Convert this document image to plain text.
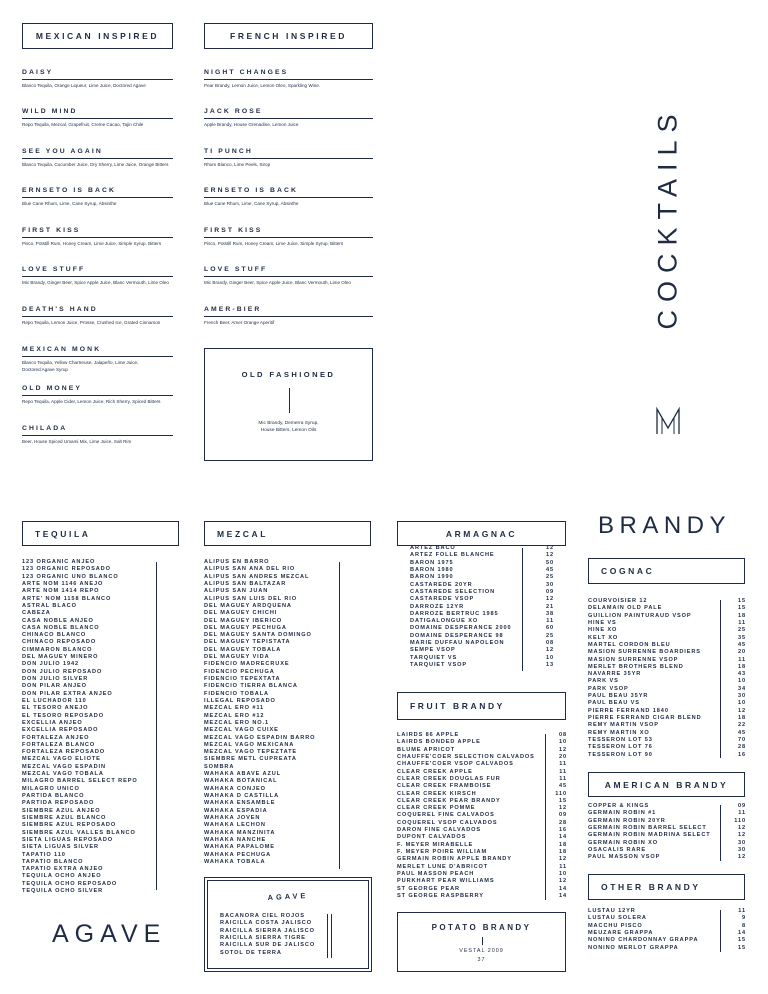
MEXICAN INSPIRED	FRENCH INSPIRED
DAISY
Blanco Tequila, Orange Liqueur, Lime Juice, Doctored Agave
WILD MIND
Repo Tequila, Mezcal, Grapefruit, Creme Cacao, Tajin Chile
SEE YOU AGAIN
Blanco Tequila, Cucumber Juice, Dry Sherry, Lime Juice, Orange Bitters
ERNSETO IS BACK
Blue Cane Rhum, Lime, Cane Syrup, Absinthe
FIRST KISS
Pisco, Potstill Rum, Honey Cream, Lime Juice, Simple Syrup, Bitters
LOVE STUFF
Mic Brandy, Ginger Beer, Spice Apple Juice, Blanc Vermouth, Lime Oleo
DEATH'S HAND
Repo Tequila, Lemon Juice, Prosse, Crushed Ice, Grated Cinnamon
MEXICAN MONK
Blanco Tequila, Yellow Chartreuse, Jalapeño, Lime Juice,
Doctored Agave Syrup
OLD MONEY
Repo Tequila, Apple Cider, Lemon Juice, Rich Sherry, Spiced Bitters
CHILADA
Beer, House Spiced Umami Mix, Lime Juice, Salt Rim
NIGHT CHANGES
Pear Brandy, Lemon Juice, Lemon Oleo, Sparkling Wine.
JACK ROSE
Apple Brandy, House Grenadine, Lemon Juice
TI PUNCH
Rhum Blanco, Lime Peels, Sirop
ERNSETO IS BACK
Blue Cane Rhum, Lime, Cane Syrup, Absinthe
FIRST KISS
Pisco, Potstill Rum, Honey Cream, Lime Juice, Simple Syrup, Bitters
LOVE STUFF
Mic Brandy, Ginger Beer, Spice Apple Juice, Blanc Vermouth, Lime Oleo
AMER-BIER
French Beer, Amer Orange Aperitif
OLD FASHIONED
Mic Brandy, Demerra Syrup,
House Bitters, Lemon Oils
COCKTAILS
TEQUILA
123 ORGANIC ANJEO
123 ORGANIC REPOSADO
123 ORGANIC UNO BLANCO
ARTE NOM 1146 ANEJO
ARTE NOM 1414 REPO
ARTE' NOM 1158 BLANCO
ASTRAL BLACO
CABEZA
CASA NOBLE ANJEO
CASA NOBLE BLANCO
CHINACO BLANCO
CHINACO REPOSADO
CIMMARON BLANCO
DEL MAGUEY MINERO
DON JULIO 1942
DON JULIO REPOSADO
DON JULIO SILVER
DON PILAR ANJEO
DON PILAR EXTRA ANJEO
EL LUCHADOR 110
EL TESORO ANEJO
EL TESORO REPOSADO
EXCELLIA ANJEO
EXCELLIA REPOSADO
FORTALEZA ANJEO
FORTALEZA BLANCO
FORTALEZA REPOSADO
MEZCAL VAGO ELIOTE
MEZCAL VAGO ESPADIN
MEZCAL VAGO TOBALA
MILAGRO BARREL SELECT REPO
MILAGRO UNICO
PARTIDA BLANCO
PARTIDA REPOSADO
SIEMBRE AZUL ANJEO
SIEMBRE AZUL BLANCO
SIEMBRE AZUL REPOSADO
SIEMBRE AZUL VALLES BLANCO
SIETA LIGUAS REPOSADO
SIETA LIGUAS SILVER
TAPATIO 110
TAPATIO BLANCO
TAPATIO EXTRA ANJEO
TEQUILA OCHO ANJEO
TEQUILA OCHO REPOSADO
TEQUILA OCHO SILVER
AGAVE
MEZCAL
ALIPUS EN BARRO
ALIPUS SAN ANA DEL RIO
ALIPUS SAN ANDRES MEZCAL
ALIPUS SAN BALTAZAR
ALIPUS SAN JUAN
ALIPUS SAN LUIS DEL RIO
DEL MAGUEY ARDQUENA
DEL MAGUEY CHICHI
DEL MAGUEY IBERICO
DEL MAGUEY PECHUGA
DEL MAGUEY SANTA DOMINGO
DEL MAGUEY TEPISTATA
DEL MAGUEY TOBALA
DEL MAGUEY VIDA
FIDENCIO MADRECRUXE
FIDENCIO PECHUGA
FIDENCIO TEPEXTATA
FIDENCIO TIERRA BLANCA
FIDENCIO TOBALA
ILLEGAL REPOSADO
MEZCAL ERO #11
MEZCAL ERO #12
MEZCAL ERO NO.1
MEZCAL VAGO CUIXE
MEZCAL VAGO ESPADIN BARRO
MEZCAL VAGO MEXICANA
MEZCAL VAGO TEPEZTATE
SIEMBRE METL CUPREATA
SOMBRA
WAHAKA ABAVE AZUL
WAHAKA BOTANICAL
WAHAKA CONJEO
WAHAKA D CASTILLA
WAHAKA ENSAMBLE
WAHAKA ESPADIA
WAHAKA JOVEN
WAHAKA LECHON
WAHAKA MANZINITA
WAHAKA NANCHE
WAHAKA PAPALOME
WAHAKA PECHUGA
WAHAKA TOBALA
AGAVE
BACANORA CIEL ROJOS
RAICILLA COSTA JALISCO
RAICILLA SIERRA JALISCO
RAICILLA SIERRA TIGRE
RAICILLA SUR DE JALISCO
SOTOL DE TERRA
ARMAGNAC
ARTEZ BACO	12
ARTEZ FOLLE BLANCHE	12
BARON 1975	50
BARON 1980	45
BARON 1990	25
CASTAREDE 20YR	30
CASTAREDE SELECTION	09
CASTAREDE VSOP	12
DARROZE 12YR	21
DARROZE BERTRUC 1985	38
DATIGALONGUE XO	11
DOMAINE DESPERANCE 2000	60
DOMAINE DESPERANCE 98	25
MARIE DUFFAU NAPOLEON	08
SEMPE VSOP	12
TARQUIET VS	10
TARQUIET VSOP	13
FRUIT BRANDY
LAIRDS 86 APPLE	08
LAIRDS BONDED APPLE	10
BLUME APRICOT	12
CHAUFFE'COER SELECTION CALVADOS	20
CHAUFFE'COER VSOP CALVADOS	11
CLEAR CREEK APPLE	11
CLEAR CREEK DOUGLAS FUR	11
CLEAR CREEK FRAMBOISE	45
CLEAR CREEK KIRSCH	110
CLEAR CREEK PEAR BRANDY	15
CLEAR CREEK POMME	12
COQUEREL FINE CALVADOS	09
COQUEREL VSOP CALVADOS	28
DARON FINE CALVADOS	16
DUPONT CALVADOS	14
F. MEYER MIRABELLE	18
F. MEYER POIRE WILLIAM	18
GERMAIN ROBIN APPLE BRANDY	12
MERLET LUNE D'ABRICOT	11
PAUL MASSON PEACH	10
PURKHART PEAR WILLIAMS	12
ST GEORGE PEAR	14
ST GEORGE RASPBERRY	14
POTATO BRANDY
VESTAL 2009
37
BRANDY
COGNAC
COURVOISIER 12	15
DELAMAIN OLD PALE	15
GUILLION PAINTURAUD VSOP	18
HINE VS	11
HINE XO	25
KELT XO	35
MARTEL CORDON BLEU	45
MASION SURRENNE BOARDIERS	20
MASION SURRENNE VSOP	11
MERLET BROTHERS BLEND	18
NAVARRE 35YR	43
PARK VS	10
PARK VSOP	34
PAUL BEAU 35YR	30
PAUL BEAU VS	10
PIERRE FERRAND 1840	12
PIERRE FERRAND CIGAR BLEND	18
REMY MARTIN VSOP	22
REMY MARTIN XO	45
TESSERON LOT 53	70
TESSERON LOT 76	28
TESSERON LOT 90	16
AMERICAN BRANDY
COPPER & KINGS	09
GERMAIN ROBIN #1	11
GERMAIN ROBIN 20YR	110
GERMAIN ROBIN BARREL SELECT	12
GERMAIN ROBIN MADRINA SELECT	12
GERMAIN ROBIN XO	30
OSACALIS RARE	30
PAUL MASSON VSOP	12
OTHER BRANDY
LUSTAU 12YR	11
LUSTAU SOLERA	9
MACCHU PISCO	8
MEUZARE GRAPPA	14
NONINO CHARDONNAY GRAPPA	15
NONINO MERLOT GRAPPA	15
